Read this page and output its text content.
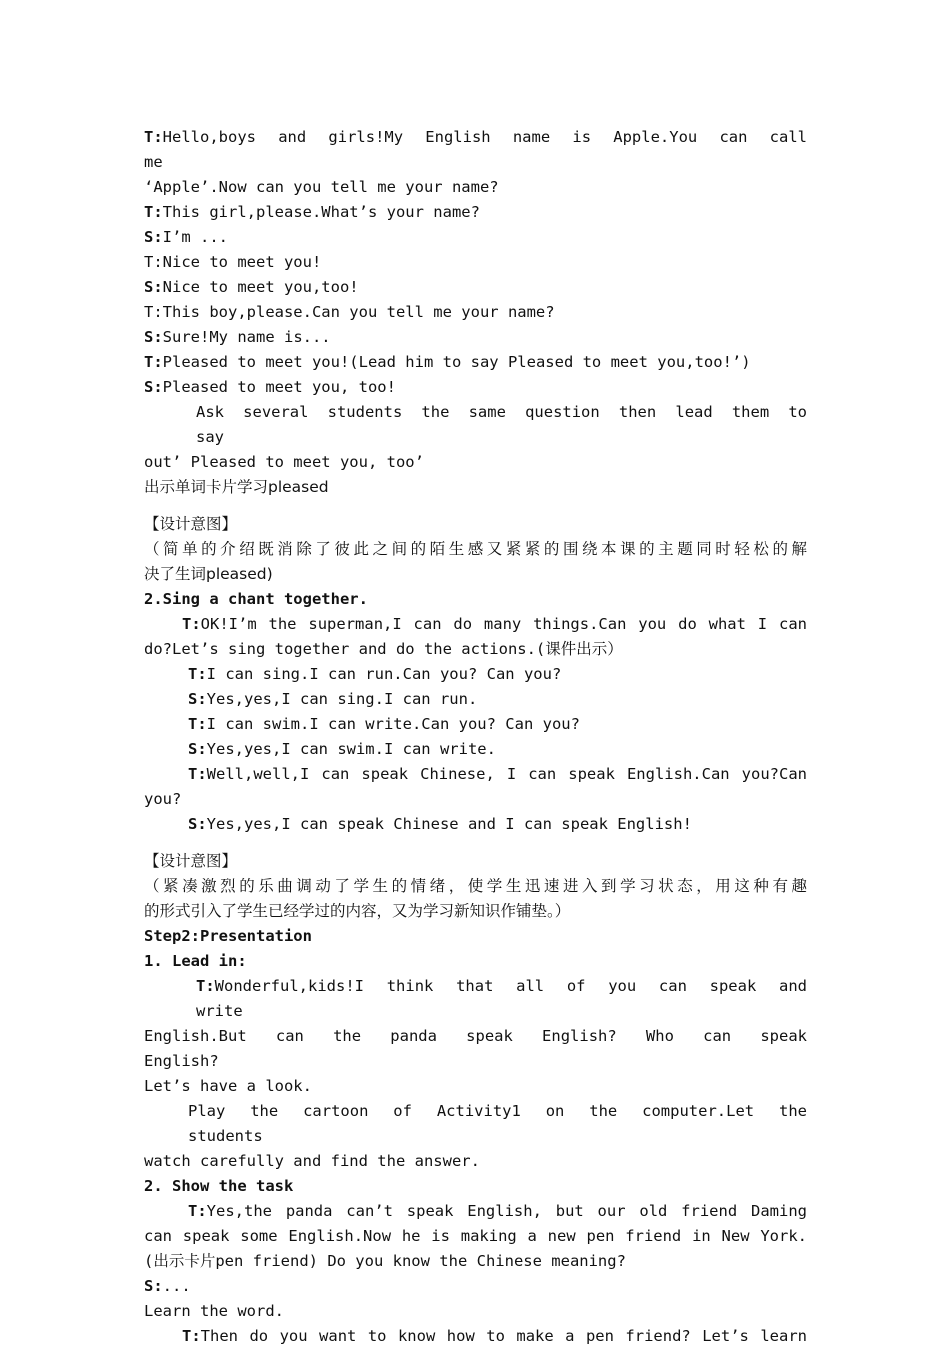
T:Hello,boys  and  girls!My  English  name  is  Apple.You  can  call  me
‘Apple’.Now can you tell me your name?
T:This girl,please.What’s your name?
S:I’m ...
T:Nice to meet you!
S:Nice to meet you,too!
T:This boy,please.Can you tell me your name?
S:Sure!My name is...
T:Pleased to meet you!(Lead him to say Pleased to meet you,too!’)
S:Pleased to meet you, too!
Ask  several  students  the  same  question  then  lead  them  to  say
out’ Pleased to meet you, too’
出示单词卡片学习pleased
【设计意图】
（简单的介绍既消除了彼此之间的陌生感又紧紧的围绕本课的主题同时轻松的解
决了生词pleased)
2.Sing a chant together.
T:OK!I’m the superman,I can do many things.Can you do what I can
do?Let’s sing together and do the actions.(课件出示）
T:I can sing.I can run.Can you? Can you?
S:Yes,yes,I can sing.I can run.
T:I can swim.I can write.Can you? Can you?
S:Yes,yes,I can swim.I can write.
T:Well,well,I can speak Chinese, I can speak English.Can you?Can
you?
S:Yes,yes,I can speak Chinese and I can speak English!
【设计意图】
（紧凑激烈的乐曲调动了学生的情绪，使学生迅速进入到学习状态，用这种有趣
的形式引入了学生已经学过的内容，又为学习新知识作铺垫。）
Step2:Presentation
1. Lead in:
T:Wonderful,kids!I  think  that  all  of  you  can  speak  and  write
English.But  can  the  panda  speak  English?  Who  can  speak  English?
Let’s have a look.
Play  the  cartoon  of  Activity1  on  the  computer.Let  the  students
watch carefully and find the answer.
2. Show the task
T:Yes,the panda can’t speak English, but our old friend Daming
can speak some English.Now he is making a new pen friend in New York.
(出示卡片pen friend) Do you know the Chinese meaning?
S:...
Learn the word.
T:Then do you want to know how to make a pen friend? Let’s learn
